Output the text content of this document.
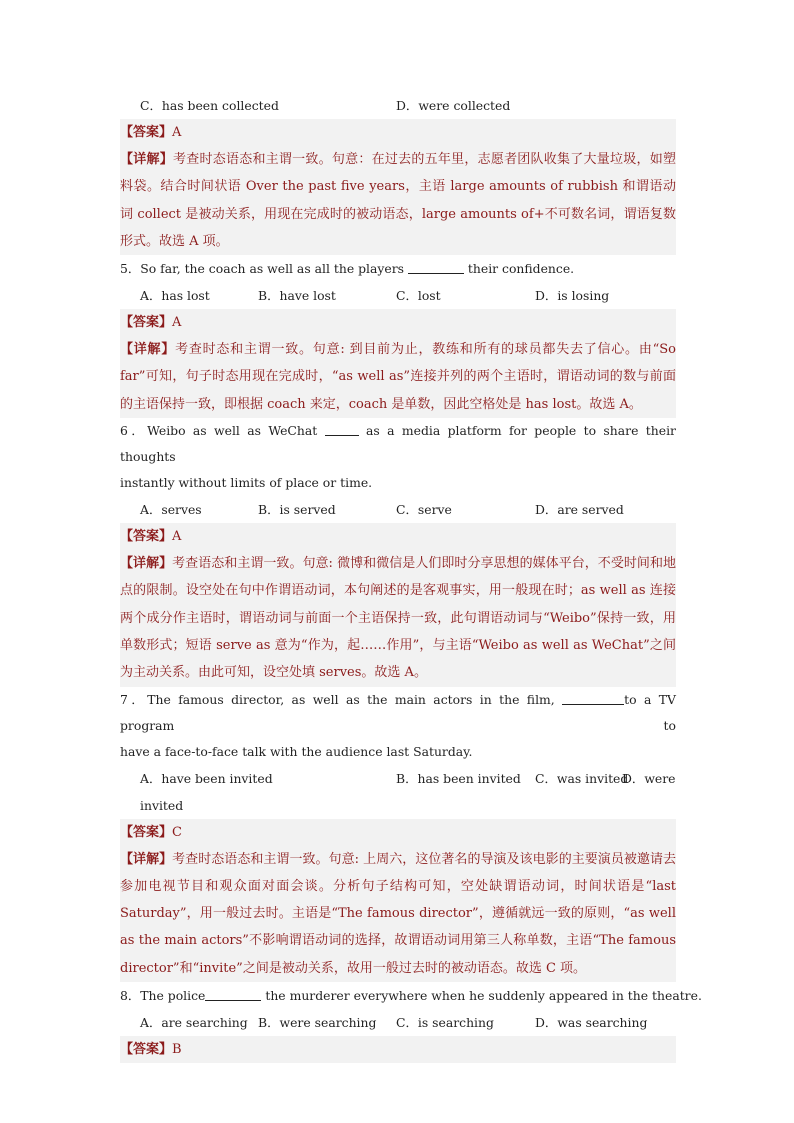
C．has been collected	D．were collected
【答案】A
【详解】考查时态语态和主谓一致。句意：在过去的五年里，志愿者团队收集了大量垃圾，如塑料袋。结合时间状语 Over the past five years，主语 large amounts of rubbish 和谓语动词 collect 是被动关系，用现在完成时的被动语态，large amounts of+不可数名词，谓语复数形式。故选 A 项。
5．So far, the coach as well as all the players	their confidence.
A．has lost	B．have lost	C．lost	D．is losing
【答案】A
【详解】考查时态和主谓一致。句意: 到目前为止，教练和所有的球员都失去了信心。由“So far”可知，句子时态用现在完成时，“as well as”连接并列的两个主语时，谓语动词的数与前面的主语保持一致，即根据 coach 来定，coach 是单数，因此空格处是 has lost。故选 A。
6．Weibo as well as WeChat	as a media platform for people to share their thoughts
instantly without limits of place or time.
A．serves	B．is served	C．serve	D．are served
【答案】A
【详解】考查语态和主谓一致。句意: 微博和微信是人们即时分享思想的媒体平台，不受时间和地点的限制。设空处在句中作谓语动词，本句阐述的是客观事实，用一般现在时；as well as 连接两个成分作主语时，谓语动词与前面一个主语保持一致，此句谓语动词与“Weibo”保持一致，用单数形式；短语 serve as 意为“作为，起……作用”，与主语“Weibo as well as WeChat”之间为主动关系。由此可知，设空处填 serves。故选 A。
7．The famous director, as well as the main actors in the film,	to a TV program to
have a face-to-face talk with the audience last Saturday.
A．have been invited	B．has been invited C．was invited
D．were
invited
【答案】C
【详解】考查时态语态和主谓一致。句意: 上周六，这位著名的导演及该电影的主要演员被邀请去参加电视节目和观众面对面会谈。分析句子结构可知，空处缺谓语动词，时间状语是“last Saturday”，用一般过去时。主语是“The famous director”，遵循就远一致的原则，“as well as the main actors”不影响谓语动词的选择，故谓语动词用第三人称单数，主语“The famous director”和“invite”之间是被动关系，故用一般过去时的被动语态。故选 C 项。
8．The police	the murderer everywhere when he suddenly appeared in the theatre.
A．are searching B．were searching C．is searching	D．was searching
【答案】B
